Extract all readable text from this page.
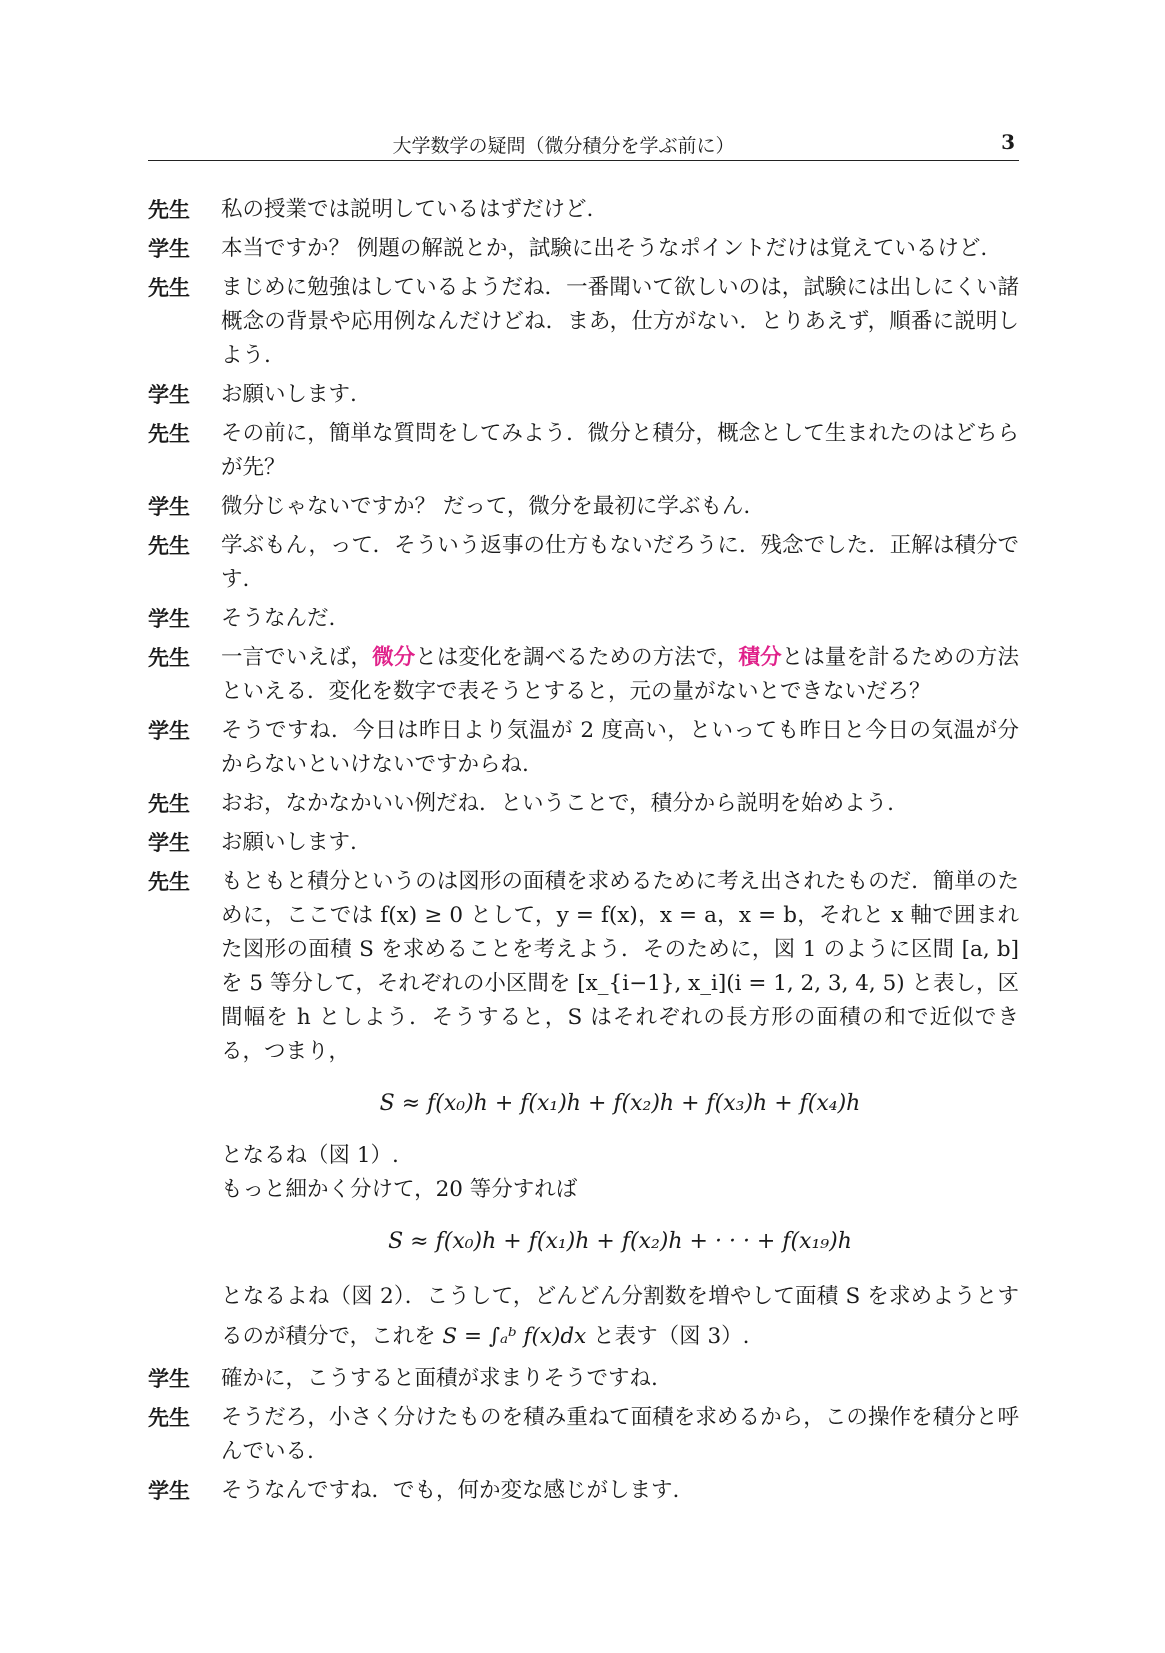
大学数学の疑問（微分積分を学ぶ前に）	3
先生 私の授業では説明しているはずだけど.
学生 本当ですか？ 例題の解説とか，試験に出そうなポイントだけは覚えているけど.
先生 まじめに勉強はしているようだね．一番聞いて欲しいのは，試験には出しにくい諸概念の背景や応用例なんだけどね．まあ，仕方がない．とりあえず，順番に説明しよう.
学生 お願いします.
先生 その前に，簡単な質問をしてみよう．微分と積分，概念として生まれたのはどちらが先？
学生 微分じゃないですか？ だって，微分を最初に学ぶもん.
先生 学ぶもん，って．そういう返事の仕方もないだろうに．残念でした．正解は積分です.
学生 そうなんだ.
先生 一言でいえば，微分とは変化を調べるための方法で，積分とは量を計るための方法といえる．変化を数字で表そうとすると，元の量がないとできないだろ？
学生 そうですね．今日は昨日より気温が 2 度高い，といっても昨日と今日の気温が分からないといけないですからね.
先生 おお，なかなかいい例だね．ということで，積分から説明を始めよう.
学生 お願いします.
先生 もともと積分というのは図形の面積を求めるために考え出されたものだ．簡単のために，ここでは f(x) ≥ 0 として，y = f(x)，x = a，x = b，それと x 軸で囲まれた図形の面積 S を求めることを考えよう．そのために，図 1 のように区間 [a, b] を 5 等分して，それぞれの小区間を [x_{i−1}, x_i](i = 1, 2, 3, 4, 5) と表し，区間幅を h としよう．そうすると，S はそれぞれの長方形の面積の和で近似できる，つまり，
S ≈ f(x₀)h + f(x₁)h + f(x₂)h + f(x₃)h + f(x₄)h
となるね（図 1）.
もっと細かく分けて，20 等分すれば
S ≈ f(x₀)h + f(x₁)h + f(x₂)h + · · · + f(x₁₉)h
となるよね（図 2）．こうして，どんどん分割数を増やして面積 S を求めようとするのが積分で，これを S = ∫ₐᵇ f(x)dx と表す（図 3）.
学生 確かに，こうすると面積が求まりそうですね.
先生 そうだろ，小さく分けたものを積み重ねて面積を求めるから，この操作を積分と呼んでいる.
学生 そうなんですね．でも，何か変な感じがします.
